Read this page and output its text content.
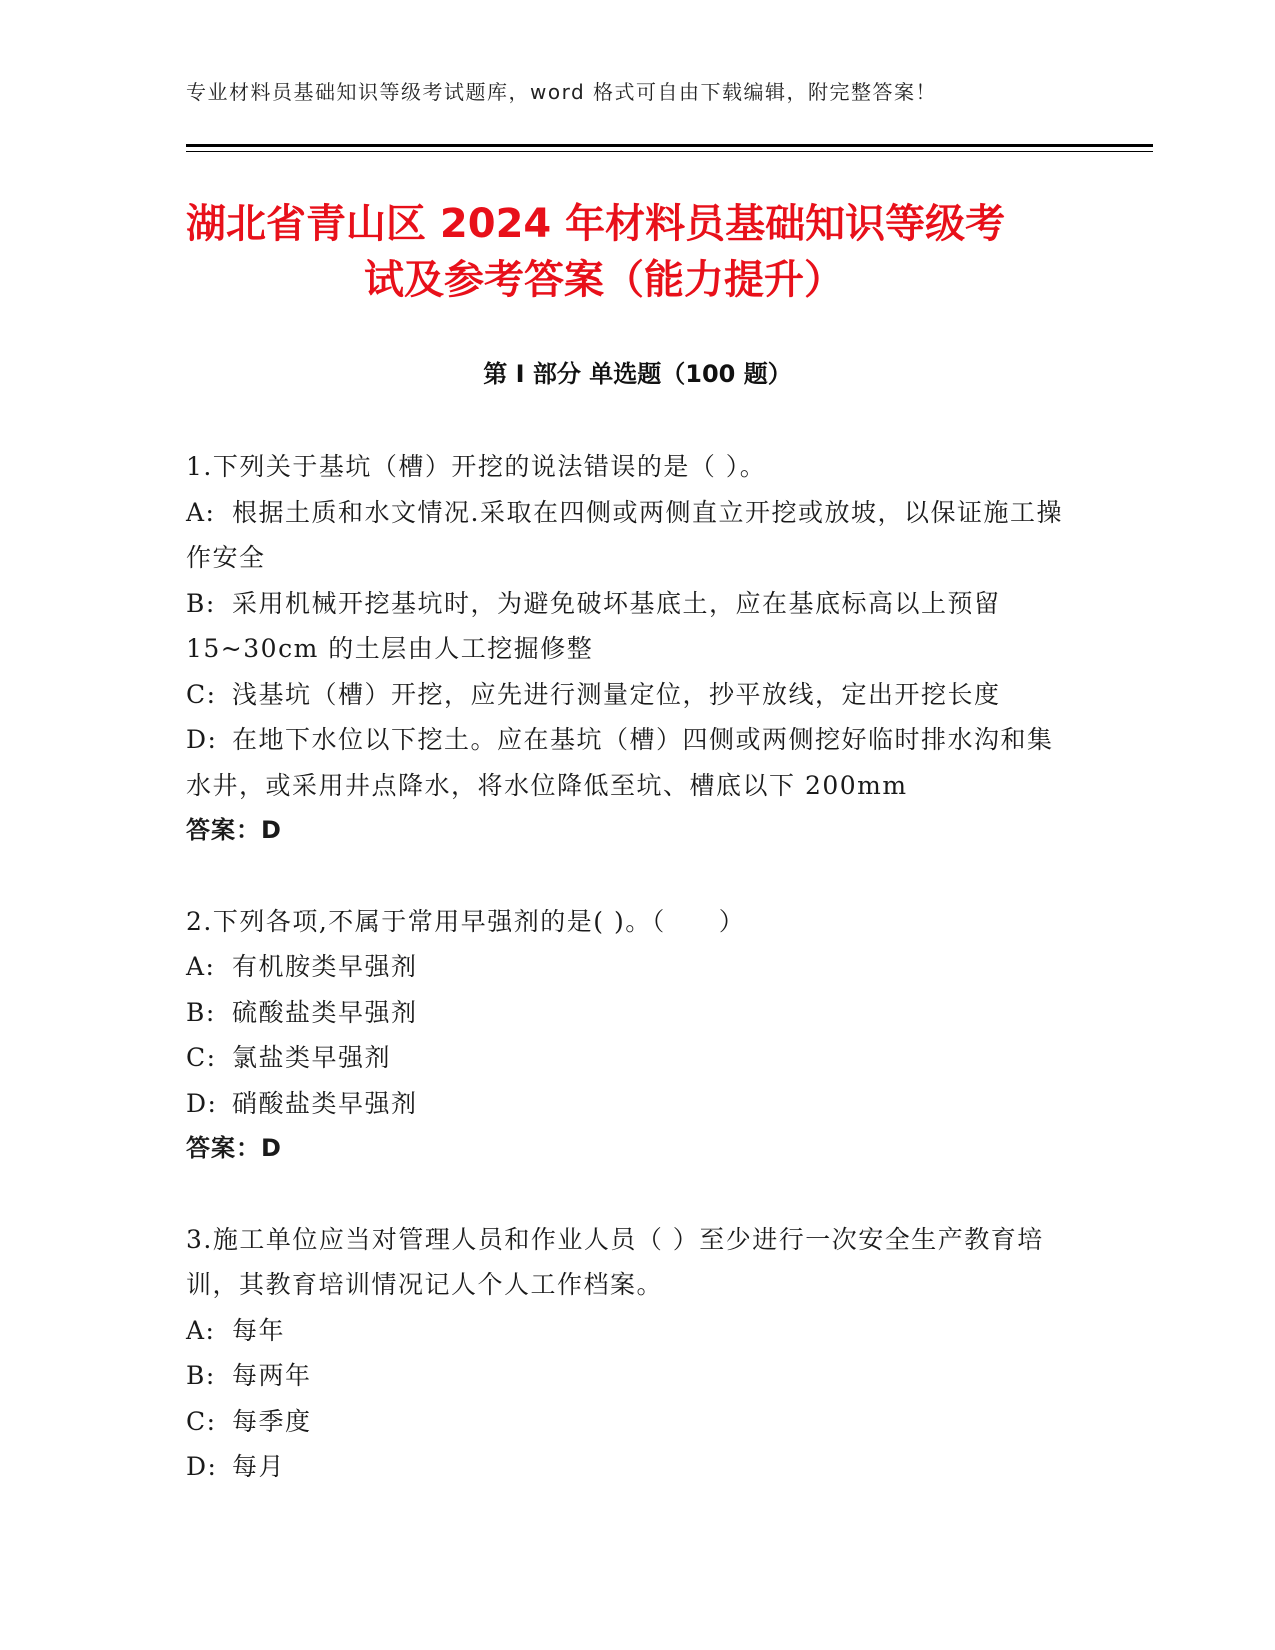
专业材料员基础知识等级考试题库，word 格式可自由下载编辑，附完整答案！
湖北省青山区 2024 年材料员基础知识等级考
试及参考答案（能力提升）
第 I 部分 单选题（100 题）
1.下列关于基坑（槽）开挖的说法错误的是（ ）。
A: 根据土质和水文情况.采取在四侧或两侧直立开挖或放坡，以保证施工操作安全
B: 采用机械开挖基坑时，为避免破坏基底土，应在基底标高以上预留15~30cm 的土层由人工挖掘修整
C: 浅基坑（槽）开挖，应先进行测量定位，抄平放线，定出开挖长度
D: 在地下水位以下挖土。应在基坑（槽）四侧或两侧挖好临时排水沟和集水井，或采用井点降水，将水位降低至坑、槽底以下 200mm
答案：D
2.下列各项,不属于常用早强剂的是( )。（　　）
A: 有机胺类早强剂
B: 硫酸盐类早强剂
C: 氯盐类早强剂
D: 硝酸盐类早强剂
答案：D
3.施工单位应当对管理人员和作业人员（ ）至少进行一次安全生产教育培训，其教育培训情况记人个人工作档案。
A: 每年
B: 每两年
C: 每季度
D: 每月
